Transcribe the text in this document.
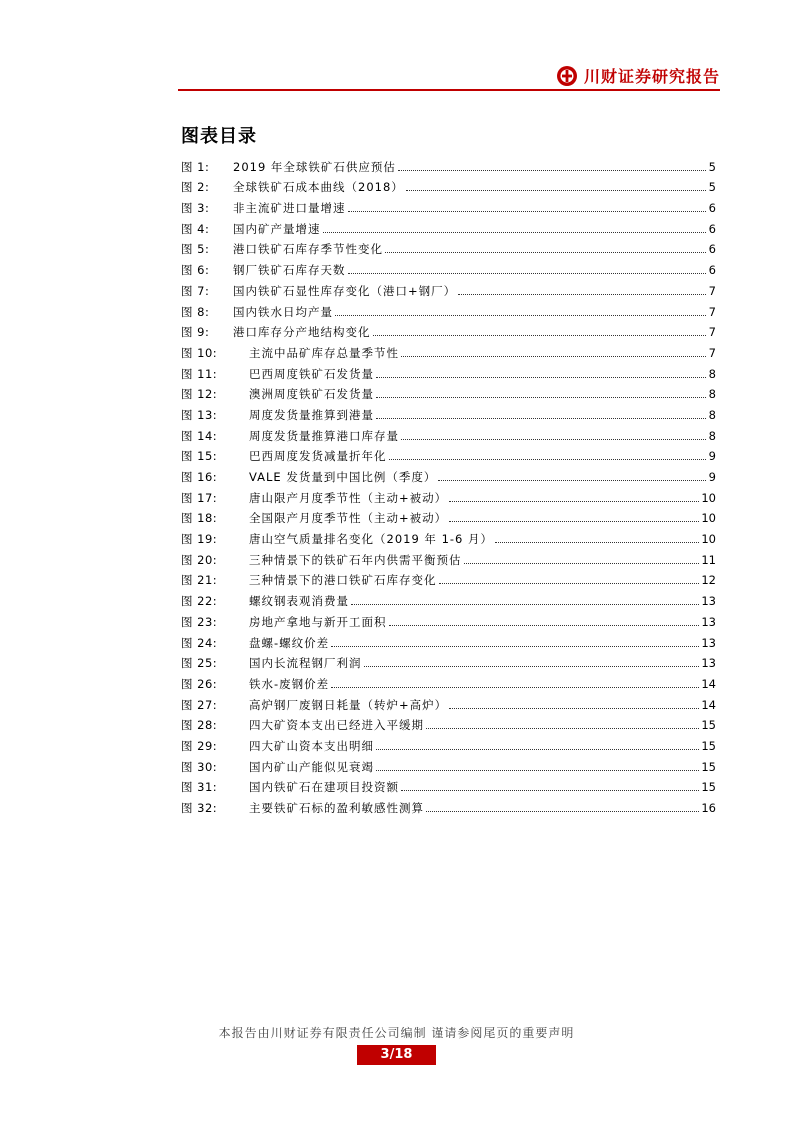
川财证券研究报告
图表目录
图 1:	2019 年全球铁矿石供应预估	5
图 2:	全球铁矿石成本曲线（2018）	5
图 3:	非主流矿进口量增速	6
图 4:	国内矿产量增速	6
图 5:	港口铁矿石库存季节性变化	6
图 6:	钢厂铁矿石库存天数	6
图 7:	国内铁矿石显性库存变化（港口+钢厂）	7
图 8:	国内铁水日均产量	7
图 9:	港口库存分产地结构变化	7
图 10:	主流中品矿库存总量季节性	7
图 11:	巴西周度铁矿石发货量	8
图 12:	澳洲周度铁矿石发货量	8
图 13:	周度发货量推算到港量	8
图 14:	周度发货量推算港口库存量	8
图 15:	巴西周度发货减量折年化	9
图 16:	VALE 发货量到中国比例（季度）	9
图 17:	唐山限产月度季节性（主动+被动）	10
图 18:	全国限产月度季节性（主动+被动）	10
图 19:	唐山空气质量排名变化（2019 年 1-6 月）	10
图 20:	三种情景下的铁矿石年内供需平衡预估	11
图 21:	三种情景下的港口铁矿石库存变化	12
图 22:	螺纹钢表观消费量	13
图 23:	房地产拿地与新开工面积	13
图 24:	盘螺-螺纹价差	13
图 25:	国内长流程钢厂利润	13
图 26:	铁水-废钢价差	14
图 27:	高炉钢厂废钢日耗量（转炉+高炉）	14
图 28:	四大矿资本支出已经进入平缓期	15
图 29:	四大矿山资本支出明细	15
图 30:	国内矿山产能似见衰竭	15
图 31:	国内铁矿石在建项目投资额	15
图 32:	主要铁矿石标的盈利敏感性测算	16
本报告由川财证券有限责任公司编制 谨请参阅尾页的重要声明
3/18
